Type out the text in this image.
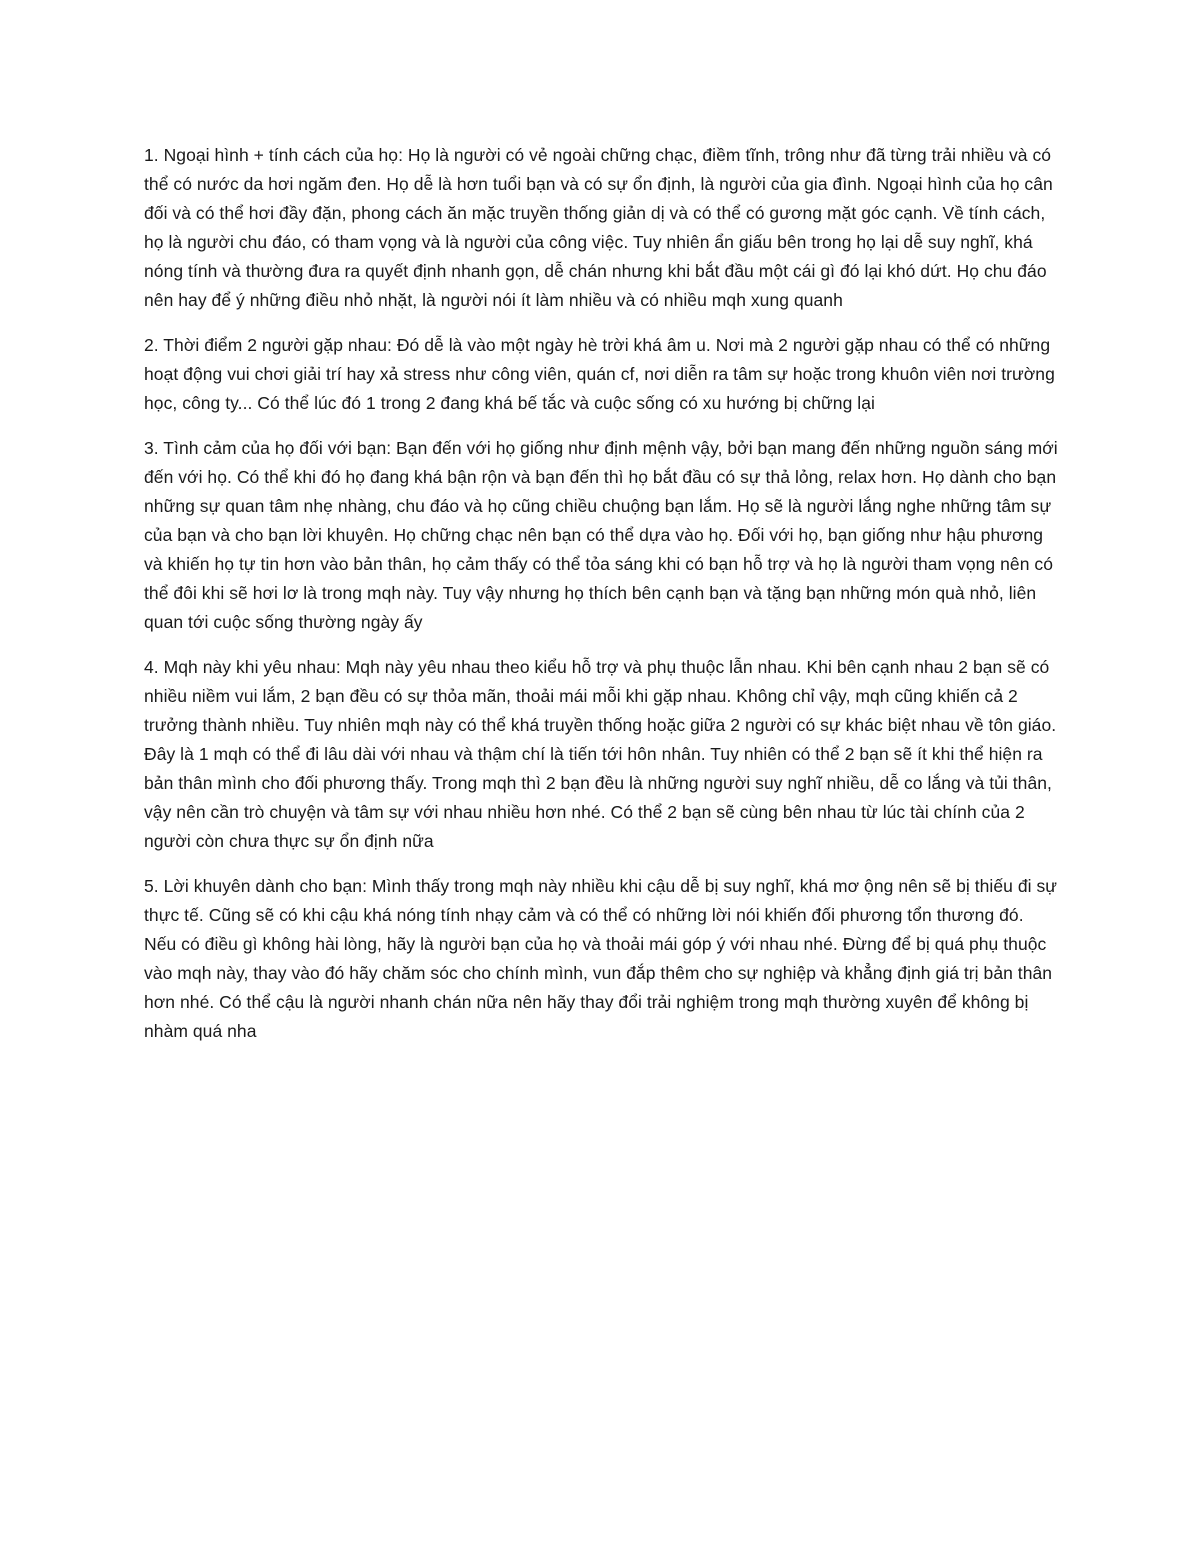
1. Ngoại hình + tính cách của họ: Họ là người có vẻ ngoài chững chạc, điềm tĩnh, trông như đã từng trải nhiều và có thể có nước da hơi ngăm đen. Họ dễ là hơn tuổi bạn và có sự ổn định, là người của gia đình. Ngoại hình của họ cân đối và có thể hơi đầy đặn, phong cách ăn mặc truyền thống giản dị và có thể có gương mặt góc cạnh. Về tính cách, họ là người chu đáo, có tham vọng và là người của công việc. Tuy nhiên ẩn giấu bên trong họ lại dễ suy nghĩ, khá nóng tính và thường đưa ra quyết định nhanh gọn, dễ chán nhưng khi bắt đầu một cái gì đó lại khó dứt. Họ chu đáo nên hay để ý những điều nhỏ nhặt, là người nói ít làm nhiều và có nhiều mqh xung quanh

2. Thời điểm 2 người gặp nhau: Đó dễ là vào một ngày hè trời khá âm u. Nơi mà 2 người gặp nhau có thể có những hoạt động vui chơi giải trí hay xả stress như công viên, quán cf, nơi diễn ra tâm sự hoặc trong khuôn viên nơi trường học, công ty... Có thể lúc đó 1 trong 2 đang khá bế tắc và cuộc sống có xu hướng bị chững lại

3. Tình cảm của họ đối với bạn: Bạn đến với họ giống như định mệnh vậy, bởi bạn mang đến những nguồn sáng mới đến với họ. Có thể khi đó họ đang khá bận rộn và bạn đến thì họ bắt đầu có sự thả lỏng, relax hơn. Họ dành cho bạn những sự quan tâm nhẹ nhàng, chu đáo và họ cũng chiều chuộng bạn lắm. Họ sẽ là người lắng nghe những tâm sự của bạn và cho bạn lời khuyên. Họ chững chạc nên bạn có thể dựa vào họ. Đối với họ, bạn giống như hậu phương và khiến họ tự tin hơn vào bản thân, họ cảm thấy có thể tỏa sáng khi có bạn hỗ trợ và họ là người tham vọng nên có thể đôi khi sẽ hơi lơ là trong mqh này. Tuy vậy nhưng họ thích bên cạnh bạn và tặng bạn những món quà nhỏ, liên quan tới cuộc sống thường ngày ấy

4. Mqh này khi yêu nhau: Mqh này yêu nhau theo kiểu hỗ trợ và phụ thuộc lẫn nhau. Khi bên cạnh nhau 2 bạn sẽ có nhiều niềm vui lắm, 2 bạn đều có sự thỏa mãn, thoải mái mỗi khi gặp nhau. Không chỉ vậy, mqh cũng khiến cả 2 trưởng thành nhiều. Tuy nhiên mqh này có thể khá truyền thống hoặc giữa 2 người có sự khác biệt nhau về tôn giáo. Đây là 1 mqh có thể đi lâu dài với nhau và thậm chí là tiến tới hôn nhân. Tuy nhiên có thể 2 bạn sẽ ít khi thể hiện ra bản thân mình cho đối phương thấy. Trong mqh thì 2 bạn đều là những người suy nghĩ nhiều, dễ co lắng và tủi thân, vậy nên cần trò chuyện và tâm sự với nhau nhiều hơn nhé. Có thể 2 bạn sẽ cùng bên nhau từ lúc tài chính của 2 người còn chưa thực sự ổn định nữa

5. Lời khuyên dành cho bạn: Mình thấy trong mqh này nhiều khi cậu dễ bị suy nghĩ, khá mơ ộng nên sẽ bị thiếu đi sự thực tế. Cũng sẽ có khi cậu khá nóng tính nhạy cảm và có thể có những lời nói khiến đối phương tổn thương đó. Nếu có điều gì không hài lòng, hãy là người bạn của họ và thoải mái góp ý với nhau nhé. Đừng để bị quá phụ thuộc vào mqh này, thay vào đó hãy chăm sóc cho chính mình, vun đắp thêm cho sự nghiệp và khẳng định giá trị bản thân hơn nhé. Có thể cậu là người nhanh chán nữa nên hãy thay đổi trải nghiệm trong mqh thường xuyên để không bị nhàm quá nha
